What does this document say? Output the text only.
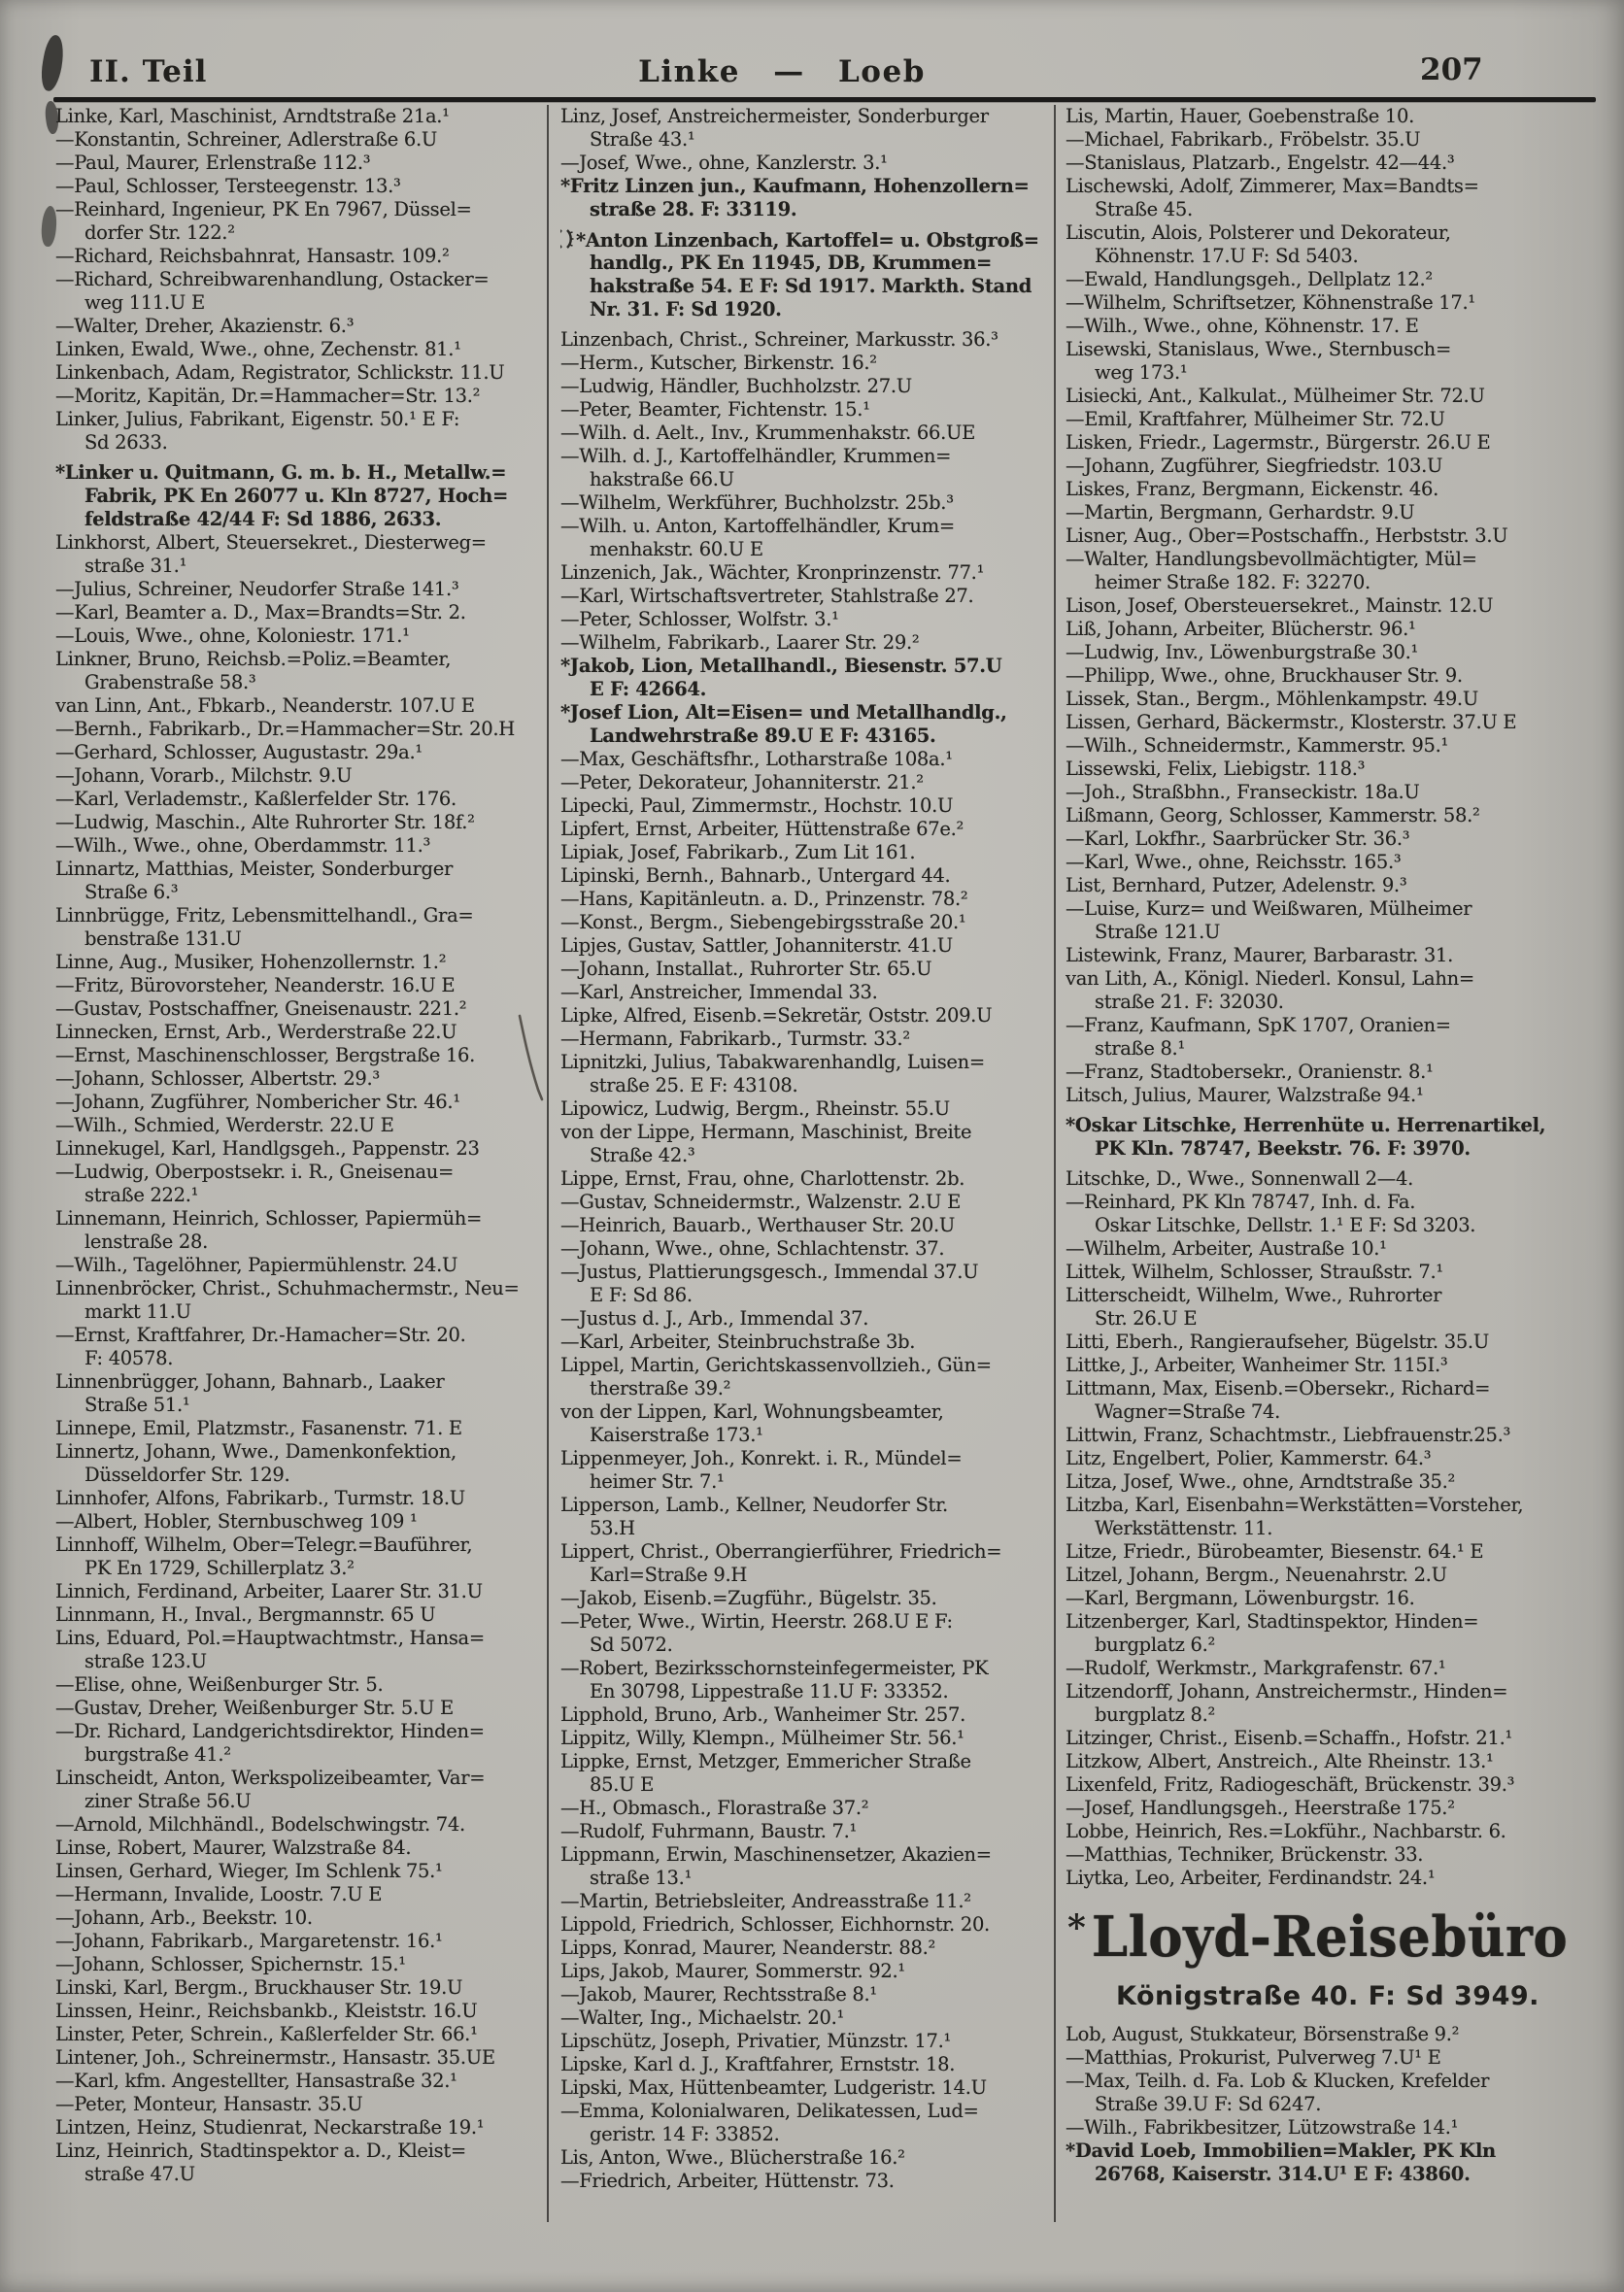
II. Teil	Linke — Loeb	207
Linke, Karl, Maschinist, Arndtstraße 21a.¹
—Konstantin, Schreiner, Adlerstraße 6.U
—Paul, Maurer, Erlenstraße 112.³
—Paul, Schlosser, Tersteegenstr. 13.³
—Reinhard, Ingenieur, PK En 7967, Düssel=
dorfer Str. 122.²
—Richard, Reichsbahnrat, Hansastr. 109.²
—Richard, Schreibwarenhandlung, Ostacker=
weg 111.U E
—Walter, Dreher, Akazienstr. 6.³
Linken, Ewald, Wwe., ohne, Zechenstr. 81.¹
Linkenbach, Adam, Registrator, Schlickstr. 11.U
—Moritz, Kapitän, Dr.=Hammacher=Str. 13.²
Linker, Julius, Fabrikant, Eigenstr. 50.¹ E F:
Sd 2633.
*Linker u. Quitmann, G. m. b. H., Metallw.=
Fabrik, PK En 26077 u. Kln 8727, Hoch=
feldstraße 42/44 F: Sd 1886, 2633.
Linkhorst, Albert, Steuersekret., Diesterweg=
straße 31.¹
—Julius, Schreiner, Neudorfer Straße 141.³
—Karl, Beamter a. D., Max=Brandts=Str. 2.
—Louis, Wwe., ohne, Koloniestr. 171.¹
Linkner, Bruno, Reichsb.=Poliz.=Beamter,
Grabenstraße 58.³
van Linn, Ant., Fbkarb., Neanderstr. 107.U E
—Bernh., Fabrikarb., Dr.=Hammacher=Str. 20.H
—Gerhard, Schlosser, Augustastr. 29a.¹
—Johann, Vorarb., Milchstr. 9.U
—Karl, Verlademstr., Kaßlerfelder Str. 176.
—Ludwig, Maschin., Alte Ruhrorter Str. 18f.²
—Wilh., Wwe., ohne, Oberdammstr. 11.³
Linnartz, Matthias, Meister, Sonderburger
Straße 6.³
Linnbrügge, Fritz, Lebensmittelhandl., Gra=
benstraße 131.U
Linne, Aug., Musiker, Hohenzollernstr. 1.²
—Fritz, Bürovorsteher, Neanderstr. 16.U E
—Gustav, Postschaffner, Gneisenaustr. 221.²
Linnecken, Ernst, Arb., Werderstraße 22.U
—Ernst, Maschinenschlosser, Bergstraße 16.
—Johann, Schlosser, Albertstr. 29.³
—Johann, Zugführer, Nombericher Str. 46.¹
—Wilh., Schmied, Werderstr. 22.U E
Linnekugel, Karl, Handlgsgeh., Pappenstr. 23
—Ludwig, Oberpostsekr. i. R., Gneisenau=
straße 222.¹
Linnemann, Heinrich, Schlosser, Papiermüh=
lenstraße 28.
—Wilh., Tagelöhner, Papiermühlenstr. 24.U
Linnenbröcker, Christ., Schuhmachermstr., Neu=
markt 11.U
—Ernst, Kraftfahrer, Dr.-Hamacher=Str. 20.
F: 40578.
Linnenbrügger, Johann, Bahnarb., Laaker
Straße 51.¹
Linnepe, Emil, Platzmstr., Fasanenstr. 71. E
Linnertz, Johann, Wwe., Damenkonfektion,
Düsseldorfer Str. 129.
Linnhofer, Alfons, Fabrikarb., Turmstr. 18.U
—Albert, Hobler, Sternbuschweg 109 ¹
Linnhoff, Wilhelm, Ober=Telegr.=Bauführer,
PK En 1729, Schillerplatz 3.²
Linnich, Ferdinand, Arbeiter, Laarer Str. 31.U
Linnmann, H., Inval., Bergmannstr. 65 U
Lins, Eduard, Pol.=Hauptwachtmstr., Hansa=
straße 123.U
—Elise, ohne, Weißenburger Str. 5.
—Gustav, Dreher, Weißenburger Str. 5.U E
—Dr. Richard, Landgerichtsdirektor, Hinden=
burgstraße 41.²
Linscheidt, Anton, Werkspolizeibeamter, Var=
ziner Straße 56.U
—Arnold, Milchhändl., Bodelschwingstr. 74.
Linse, Robert, Maurer, Walzstraße 84.
Linsen, Gerhard, Wieger, Im Schlenk 75.¹
—Hermann, Invalide, Loostr. 7.U E
—Johann, Arb., Beekstr. 10.
—Johann, Fabrikarb., Margaretenstr. 16.¹
—Johann, Schlosser, Spichernstr. 15.¹
Linski, Karl, Bergm., Bruckhauser Str. 19.U
Linssen, Heinr., Reichsbankb., Kleiststr. 16.U
Linster, Peter, Schrein., Kaßlerfelder Str. 66.¹
Lintener, Joh., Schreinermstr., Hansastr. 35.UE
—Karl, kfm. Angestellter, Hansastraße 32.¹
—Peter, Monteur, Hansastr. 35.U
Lintzen, Heinz, Studienrat, Neckarstraße 19.¹
Linz, Heinrich, Stadtinspektor a. D., Kleist=
straße 47.U
Linz, Josef, Anstreichermeister, Sonderburger
Straße 43.¹
—Josef, Wwe., ohne, Kanzlerstr. 3.¹
*Fritz Linzen jun., Kaufmann, Hohenzollern=
straße 28. F: 33119.
*Anton Linzenbach, Kartoffel= u. Obstgroß=
handlg., PK En 11945, DB, Krummen=
hakstraße 54. E F: Sd 1917. Markth. Stand
Nr. 31. F: Sd 1920.
Linzenbach, Christ., Schreiner, Markusstr. 36.³
—Herm., Kutscher, Birkenstr. 16.²
—Ludwig, Händler, Buchholzstr. 27.U
—Peter, Beamter, Fichtenstr. 15.¹
—Wilh. d. Aelt., Inv., Krummenhakstr. 66.UE
—Wilh. d. J., Kartoffelhändler, Krummen=
hakstraße 66.U
—Wilhelm, Werkführer, Buchholzstr. 25b.³
—Wilh. u. Anton, Kartoffelhändler, Krum=
menhakstr. 60.U E
Linzenich, Jak., Wächter, Kronprinzenstr. 77.¹
—Karl, Wirtschaftsvertreter, Stahlstraße 27.
—Peter, Schlosser, Wolfstr. 3.¹
—Wilhelm, Fabrikarb., Laarer Str. 29.²
*Jakob, Lion, Metallhandl., Biesenstr. 57.U
E F: 42664.
*Josef Lion, Alt=Eisen= und Metallhandlg.,
Landwehrstraße 89.U E F: 43165.
—Max, Geschäftsfhr., Lotharstraße 108a.¹
—Peter, Dekorateur, Johanniterstr. 21.²
Lipecki, Paul, Zimmermstr., Hochstr. 10.U
Lipfert, Ernst, Arbeiter, Hüttenstraße 67e.²
Lipiak, Josef, Fabrikarb., Zum Lit 161.
Lipinski, Bernh., Bahnarb., Untergard 44.
—Hans, Kapitänleutn. a. D., Prinzenstr. 78.²
—Konst., Bergm., Siebengebirgsstraße 20.¹
Lipjes, Gustav, Sattler, Johanniterstr. 41.U
—Johann, Installat., Ruhrorter Str. 65.U
—Karl, Anstreicher, Immendal 33.
Lipke, Alfred, Eisenb.=Sekretär, Oststr. 209.U
—Hermann, Fabrikarb., Turmstr. 33.²
Lipnitzki, Julius, Tabakwarenhandlg, Luisen=
straße 25. E F: 43108.
Lipowicz, Ludwig, Bergm., Rheinstr. 55.U
von der Lippe, Hermann, Maschinist, Breite
Straße 42.³
Lippe, Ernst, Frau, ohne, Charlottenstr. 2b.
—Gustav, Schneidermstr., Walzenstr. 2.U E
—Heinrich, Bauarb., Werthauser Str. 20.U
—Johann, Wwe., ohne, Schlachtenstr. 37.
—Justus, Plattierungsgesch., Immendal 37.U
E F: Sd 86.
—Justus d. J., Arb., Immendal 37.
—Karl, Arbeiter, Steinbruchstraße 3b.
Lippel, Martin, Gerichtskassenvollzieh., Gün=
therstraße 39.²
von der Lippen, Karl, Wohnungsbeamter,
Kaiserstraße 173.¹
Lippenmeyer, Joh., Konrekt. i. R., Mündel=
heimer Str. 7.¹
Lipperson, Lamb., Kellner, Neudorfer Str.
53.H
Lippert, Christ., Oberrangierführer, Friedrich=
Karl=Straße 9.H
—Jakob, Eisenb.=Zugführ., Bügelstr. 35.
—Peter, Wwe., Wirtin, Heerstr. 268.U E F:
Sd 5072.
—Robert, Bezirksschornsteinfegermeister, PK
En 30798, Lippestraße 11.U F: 33352.
Lipphold, Bruno, Arb., Wanheimer Str. 257.
Lippitz, Willy, Klempn., Mülheimer Str. 56.¹
Lippke, Ernst, Metzger, Emmericher Straße
85.U E
—H., Obmasch., Florastraße 37.²
—Rudolf, Fuhrmann, Baustr. 7.¹
Lippmann, Erwin, Maschinensetzer, Akazien=
straße 13.¹
—Martin, Betriebsleiter, Andreasstraße 11.²
Lippold, Friedrich, Schlosser, Eichhornstr. 20.
Lipps, Konrad, Maurer, Neanderstr. 88.²
Lips, Jakob, Maurer, Sommerstr. 92.¹
—Jakob, Maurer, Rechtsstraße 8.¹
—Walter, Ing., Michaelstr. 20.¹
Lipschütz, Joseph, Privatier, Münzstr. 17.¹
Lipske, Karl d. J., Kraftfahrer, Ernststr. 18.
Lipski, Max, Hüttenbeamter, Ludgeristr. 14.U
—Emma, Kolonialwaren, Delikatessen, Lud=
geristr. 14 F: 33852.
Lis, Anton, Wwe., Blücherstraße 16.²
—Friedrich, Arbeiter, Hüttenstr. 73.
Lis, Martin, Hauer, Goebenstraße 10.
—Michael, Fabrikarb., Fröbelstr. 35.U
—Stanislaus, Platzarb., Engelstr. 42—44.³
Lischewski, Adolf, Zimmerer, Max=Bandts=
Straße 45.
Liscutin, Alois, Polsterer und Dekorateur,
Köhnenstr. 17.U F: Sd 5403.
—Ewald, Handlungsgeh., Dellplatz 12.²
—Wilhelm, Schriftsetzer, Köhnenstraße 17.¹
—Wilh., Wwe., ohne, Köhnenstr. 17. E
Lisewski, Stanislaus, Wwe., Sternbusch=
weg 173.¹
Lisiecki, Ant., Kalkulat., Mülheimer Str. 72.U
—Emil, Kraftfahrer, Mülheimer Str. 72.U
Lisken, Friedr., Lagermstr., Bürgerstr. 26.U E
—Johann, Zugführer, Siegfriedstr. 103.U
Liskes, Franz, Bergmann, Eickenstr. 46.
—Martin, Bergmann, Gerhardstr. 9.U
Lisner, Aug., Ober=Postschaffn., Herbststr. 3.U
—Walter, Handlungsbevollmächtigter, Mül=
heimer Straße 182. F: 32270.
Lison, Josef, Obersteuersekret., Mainstr. 12.U
Liß, Johann, Arbeiter, Blücherstr. 96.¹
—Ludwig, Inv., Löwenburgstraße 30.¹
—Philipp, Wwe., ohne, Bruckhauser Str. 9.
Lissek, Stan., Bergm., Möhlenkampstr. 49.U
Lissen, Gerhard, Bäckermstr., Klosterstr. 37.U E
—Wilh., Schneidermstr., Kammerstr. 95.¹
Lissewski, Felix, Liebigstr. 118.³
—Joh., Straßbhn., Franseckistr. 18a.U
Lißmann, Georg, Schlosser, Kammerstr. 58.²
—Karl, Lokfhr., Saarbrücker Str. 36.³
—Karl, Wwe., ohne, Reichsstr. 165.³
List, Bernhard, Putzer, Adelenstr. 9.³
—Luise, Kurz= und Weißwaren, Mülheimer
Straße 121.U
Listewink, Franz, Maurer, Barbarastr. 31.
van Lith, A., Königl. Niederl. Konsul, Lahn=
straße 21. F: 32030.
—Franz, Kaufmann, SpK 1707, Oranien=
straße 8.¹
—Franz, Stadtobersekr., Oranienstr. 8.¹
Litsch, Julius, Maurer, Walzstraße 94.¹
*Oskar Litschke, Herrenhüte u. Herrenartikel,
PK Kln. 78747, Beekstr. 76. F: 3970.
Litschke, D., Wwe., Sonnenwall 2—4.
—Reinhard, PK Kln 78747, Inh. d. Fa.
Oskar Litschke, Dellstr. 1.¹ E F: Sd 3203.
—Wilhelm, Arbeiter, Austraße 10.¹
Littek, Wilhelm, Schlosser, Straußstr. 7.¹
Litterscheidt, Wilhelm, Wwe., Ruhrorter
Str. 26.U E
Litti, Eberh., Rangieraufseher, Bügelstr. 35.U
Littke, J., Arbeiter, Wanheimer Str. 115I.³
Littmann, Max, Eisenb.=Obersekr., Richard=
Wagner=Straße 74.
Littwin, Franz, Schachtmstr., Liebfrauenstr.25.³
Litz, Engelbert, Polier, Kammerstr. 64.³
Litza, Josef, Wwe., ohne, Arndtstraße 35.²
Litzba, Karl, Eisenbahn=Werkstätten=Vorsteher,
Werkstättenstr. 11.
Litze, Friedr., Bürobeamter, Biesenstr. 64.¹ E
Litzel, Johann, Bergm., Neuenahrstr. 2.U
—Karl, Bergmann, Löwenburgstr. 16.
Litzenberger, Karl, Stadtinspektor, Hinden=
burgplatz 6.²
—Rudolf, Werkmstr., Markgrafenstr. 67.¹
Litzendorff, Johann, Anstreichermstr., Hinden=
burgplatz 8.²
Litzinger, Christ., Eisenb.=Schaffn., Hofstr. 21.¹
Litzkow, Albert, Anstreich., Alte Rheinstr. 13.¹
Lixenfeld, Fritz, Radiogeschäft, Brückenstr. 39.³
—Josef, Handlungsgeh., Heerstraße 175.²
Lobbe, Heinrich, Res.=Lokführ., Nachbarstr. 6.
—Matthias, Techniker, Brückenstr. 33.
Liytka, Leo, Arbeiter, Ferdinandstr. 24.¹
* Lloyd-Reisebüro
Königstraße 40. F: Sd 3949.
Lob, August, Stukkateur, Börsenstraße 9.²
—Matthias, Prokurist, Pulverweg 7.U¹ E
—Max, Teilh. d. Fa. Lob & Klucken, Krefelder
Straße 39.U F: Sd 6247.
—Wilh., Fabrikbesitzer, Lützowstraße 14.¹
*David Loeb, Immobilien=Makler, PK Kln
26768, Kaiserstr. 314.U¹ E F: 43860.
